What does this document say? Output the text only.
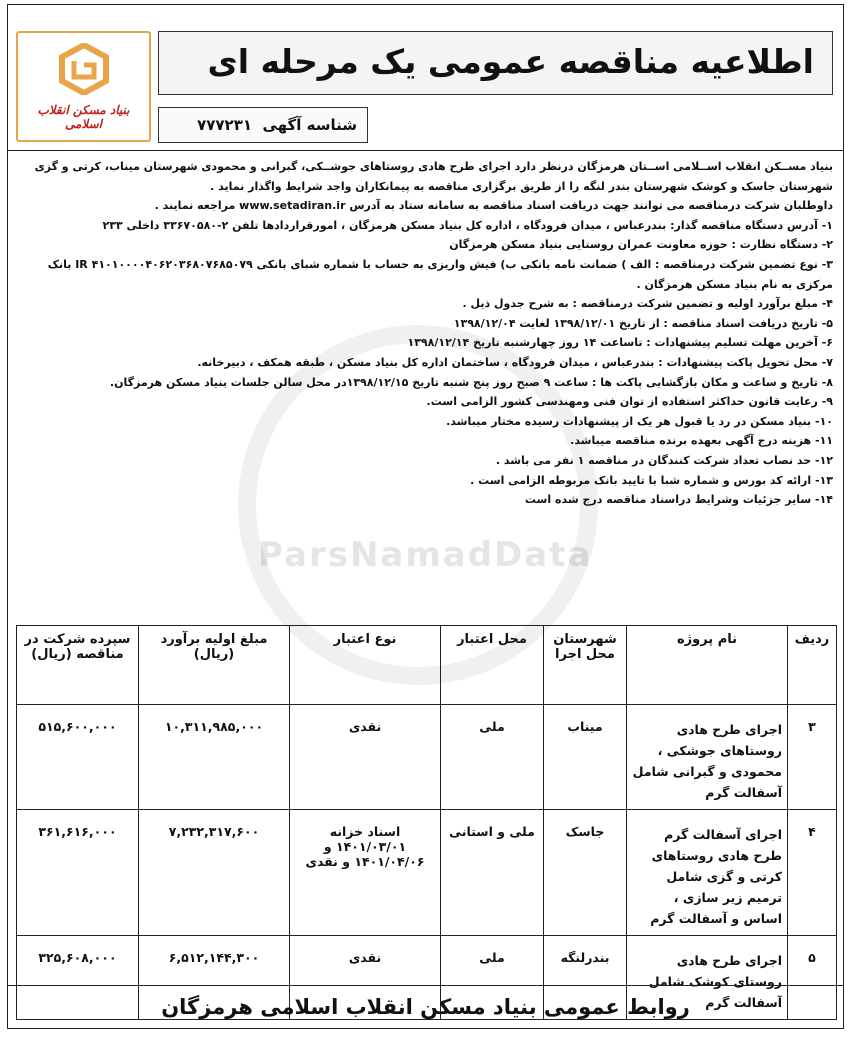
ParsNamadData
بنیاد مسکن انقلاب اسلامی
اطلاعیه مناقصه عمومی یک مرحله ای
شناسه آگهی  ۷۷۷۲۳۱

بنیاد مســکن انقلاب اســلامی اســتان هرمزگان درنظر دارد اجرای طرح هادی روستاهای جوشــکی، گبرانی و محمودی شهرستان میناب، کرتی و گزی شهرستان جاسک و کوشک شهرستان بندر لنگه را از طریق برگزاری مناقصه به پیمانکاران واجد شرایط واگذار نماید .

داوطلبان شرکت درمناقصه می توانند جهت دریافت اسناد مناقصه به سامانه ستاد به آدرس www.setadiran.ir مراجعه نمایند .

۱- آدرس دستگاه مناقصه گذار: بندرعباس ، میدان فرودگاه ، اداره کل بنیاد مسکن هرمزگان ، امورقراردادها تلفن ۲-۳۳۶۷۰۵۸۰ داخلی ۲۳۳
۲- دستگاه نظارت : حوزه معاونت عمران روستایی بنیاد مسکن هرمزگان
۳- نوع تضمین شرکت درمناقصه : الف ) ضمانت نامه بانکی ب) فیش واریزی به حساب با شماره شبای بانکی IR ۴۱۰۱۰۰۰۰۴۰۶۲۰۳۶۸۰۷۶۸۵۰۷۹ بانک مرکزی به نام بنیاد مسکن هرمزگان .
۴- مبلغ برآورد اولیه و تضمین شرکت درمناقصه : به شرح جدول ذیل .
۵- تاریخ دریافت اسناد مناقصه : از تاریخ ۱۳۹۸/۱۲/۰۱ لغایت ۱۳۹۸/۱۲/۰۴
۶- آخرین مهلت تسلیم پیشنهادات : تاساعت ۱۴ روز چهارشنبه تاریخ ۱۳۹۸/۱۲/۱۴
۷- محل تحویل پاکت پیشنهادات : بندرعباس ، میدان فرودگاه ، ساختمان اداره کل بنیاد مسکن ، طبقه همکف ، دبیرخانه.
۸- تاریخ و ساعت و مکان بازگشایی پاکت ها : ساعت ۹ صبح روز پنج شنبه تاریخ ۱۳۹۸/۱۲/۱۵در محل سالن جلسات بنیاد مسکن هرمزگان.
۹- رعایت قانون حداکثر استفاده از توان فنی ومهندسی کشور الزامی است.
۱۰- بنیاد مسکن در رد یا قبول هر یک از پیشنهادات رسیده مختار میباشد.
۱۱- هزینه درج آگهی بعهده برنده مناقصه میباشد.
۱۲- حد نصاب تعداد شرکت کنندگان در مناقصه ۱ نفر می باشد .
۱۳- ارائه کد بورس و شماره شبا با تایید بانک مربوطه الزامی است .
۱۴- سایر جزئیات وشرایط دراسناد مناقصه درج شده است
ردیف	نام پروژه	شهرستان محل اجرا	محل اعتبار	نوع اعتبار	مبلغ اولیه برآورد (ریال)	سپرده شرکت در مناقصه (ریال)
۳	اجرای طرح هادی روستاهای جوشکی ، محمودی و گبرانی شامل آسفالت گرم	میناب	ملی	نقدی	۱۰,۳۱۱,۹۸۵,۰۰۰	۵۱۵,۶۰۰,۰۰۰
۴	اجرای آسفالت گرم طرح هادی روستاهای کرتی و گزی شامل ترمیم زیر سازی ، اساس و آسفالت گرم	جاسک	ملی و استانی	اسناد خزانه ۱۴۰۱/۰۳/۰۱ و ۱۴۰۱/۰۴/۰۶ و نقدی	۷,۲۳۲,۳۱۷,۶۰۰	۳۶۱,۶۱۶,۰۰۰
۵	اجرای طرح هادی روستای کوشک شامل آسفالت گرم	بندرلنگه	ملی	نقدی	۶,۵۱۲,۱۴۴,۳۰۰	۳۲۵,۶۰۸,۰۰۰
روابط عمومی بنیاد مسکن انقلاب اسلامی هرمزگان
